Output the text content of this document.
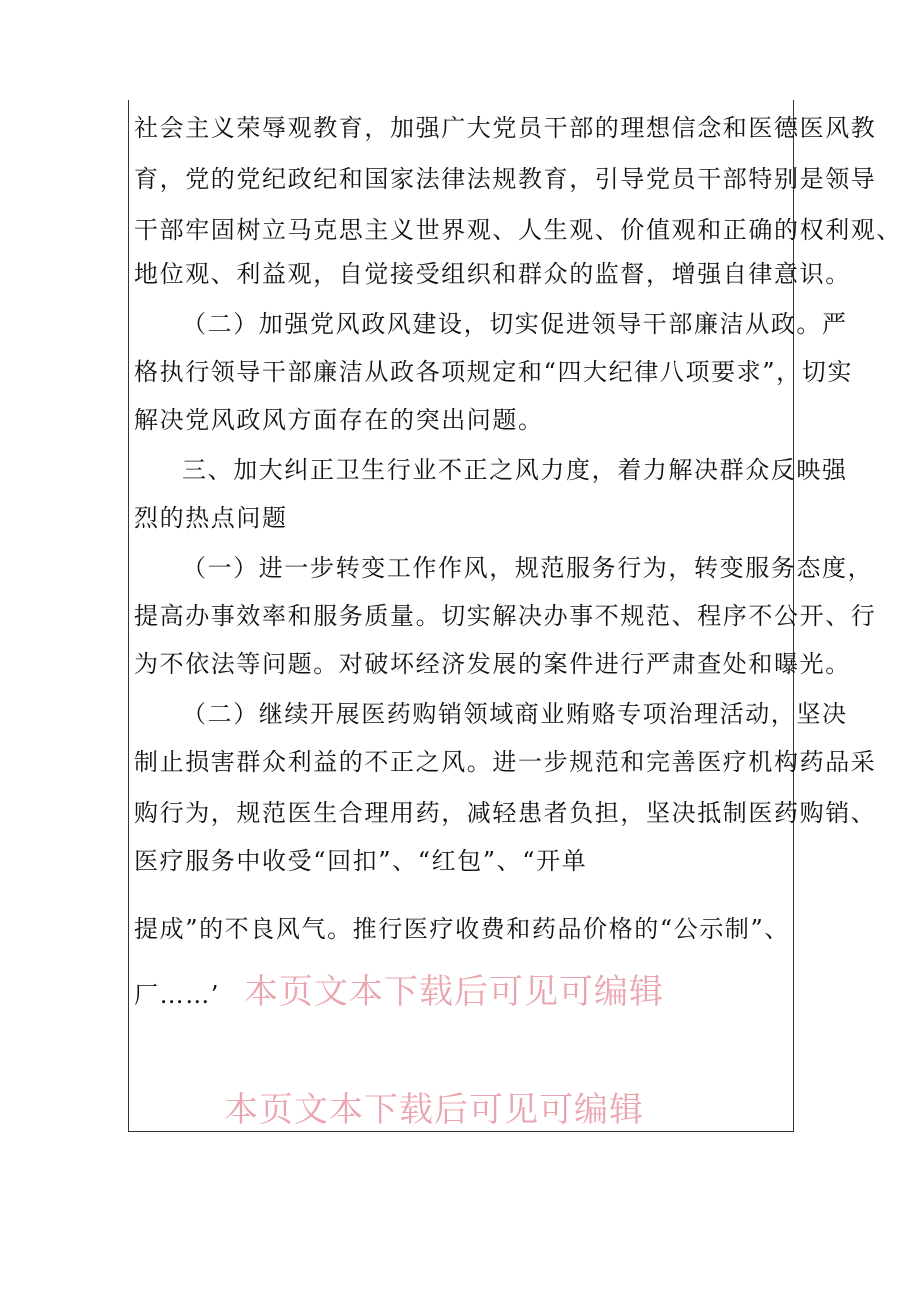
社会主义荣辱观教育，加强广大党员干部的理想信念和医德医风教
育，党的党纪政纪和国家法律法规教育，引导党员干部特别是领导
干部牢固树立马克思主义世界观、人生观、价值观和正确的权利观、
地位观、利益观，自觉接受组织和群众的监督，增强自律意识。
（二）加强党风政风建设，切实促进领导干部廉洁从政。严
格执行领导干部廉洁从政各项规定和“四大纪律八项要求”，切实
解决党风政风方面存在的突出问题。
三、加大纠正卫生行业不正之风力度，着力解决群众反映强
烈的热点问题
（一）进一步转变工作作风，规范服务行为，转变服务态度，
提高办事效率和服务质量。切实解决办事不规范、程序不公开、行
为不依法等问题。对破坏经济发展的案件进行严肃查处和曝光。
（二）继续开展医药购销领域商业贿赂专项治理活动，坚决
制止损害群众利益的不正之风。进一步规范和完善医疗机构药品采
购行为，规范医生合理用药，减轻患者负担，坚决抵制医药购销、
医疗服务中收受“回扣”、“红包”、“开单
提成”的不良风气。推行医疗收费和药品价格的“公示制”、
厂……’ 本页文本下载后可见可编辑
本页文本下载后可见可编辑
